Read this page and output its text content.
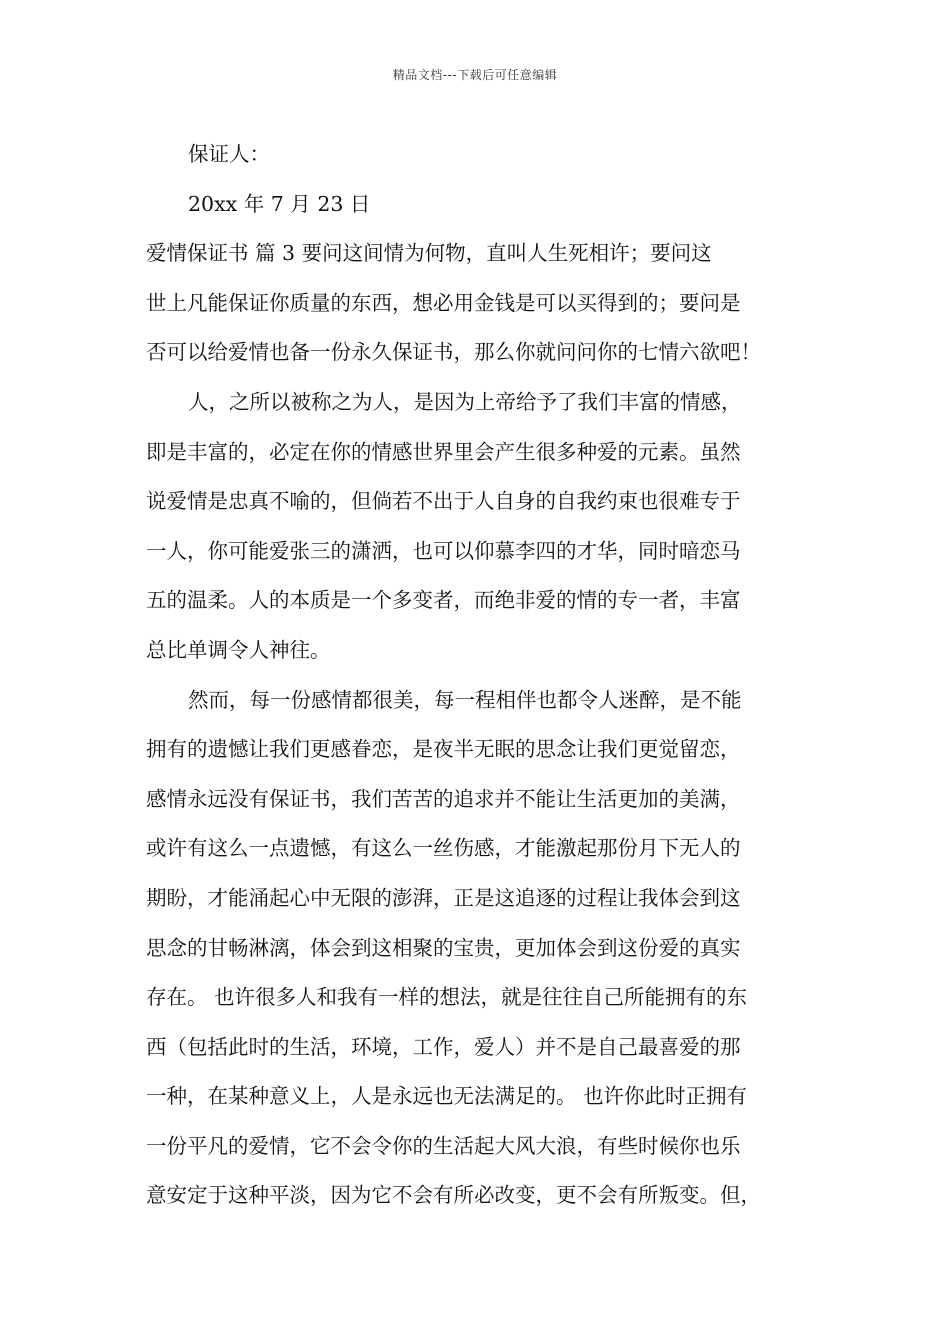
精品文档---下载后可任意编辑
保证人：
20xx 年 7 月 23 日
爱情保证书 篇 3 要问这间情为何物，直叫人生死相许；要问这
世上凡能保证你质量的东西，想必用金钱是可以买得到的；要问是
否可以给爱情也备一份永久保证书，那么你就问问你的七情六欲吧！
人，之所以被称之为人，是因为上帝给予了我们丰富的情感，
即是丰富的，必定在你的情感世界里会产生很多种爱的元素。虽然
说爱情是忠真不喻的，但倘若不出于人自身的自我约束也很难专于
一人，你可能爱张三的潇洒，也可以仰慕李四的才华，同时暗恋马
五的温柔。人的本质是一个多变者，而绝非爱的情的专一者，丰富
总比单调令人神往。
然而，每一份感情都很美，每一程相伴也都令人迷醉，是不能
拥有的遗憾让我们更感眷恋，是夜半无眠的思念让我们更觉留恋，
感情永远没有保证书，我们苦苦的追求并不能让生活更加的美满，
或许有这么一点遗憾，有这么一丝伤感，才能激起那份月下无人的
期盼，才能涌起心中无限的澎湃，正是这追逐的过程让我体会到这
思念的甘畅淋漓，体会到这相聚的宝贵，更加体会到这份爱的真实
存在。 也许很多人和我有一样的想法，就是往往自己所能拥有的东
西（包括此时的生活，环境，工作，爱人）并不是自己最喜爱的那
一种，在某种意义上，人是永远也无法满足的。 也许你此时正拥有
一份平凡的爱情，它不会令你的生活起大风大浪，有些时候你也乐
意安定于这种平淡，因为它不会有所必改变，更不会有所叛变。但，
